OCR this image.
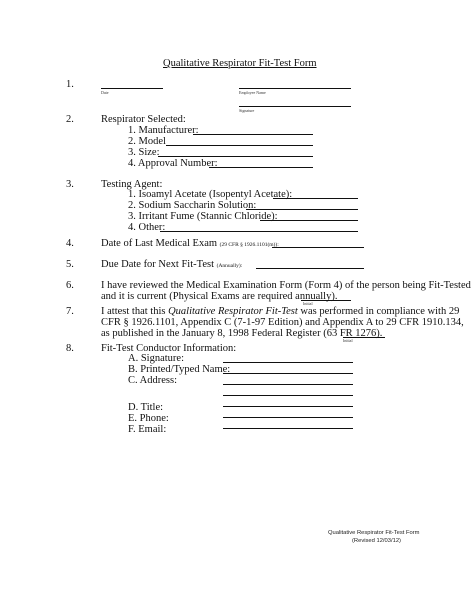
Qualitative Respirator Fit-Test Form
1.
Date	Employee Name
Signature
2.	Respirator Selected:
1. Manufacturer:
2. Model
3. Size:
4. Approval Number:
3.	Testing Agent:
1. Isoamyl Acetate (Isopentyl Acetate):
2. Sodium Saccharin Solution:
3. Irritant Fume (Stannic Chloride):
4. Other:
4.	Date of Last Medical Exam (29 CFR § 1926.1101(m)):
5.	Due Date for Next Fit-Test (Annually):
6.	I have reviewed the Medical Examination Form (Form 4) of the person being Fit-Tested
and it is current (Physical Exams are required annually).
Initial
7.	I attest that this Qualitative Respirator Fit-Test was performed in compliance with 29
CFR § 1926.1101, Appendix C (7-1-97 Edition) and Appendix A to 29 CFR 1910.134,
as published in the January 8, 1998 Federal Register (63 FR 1276).
Initial
8.	Fit-Test Conductor Information:
A. Signature:
B. Printed/Typed Name:
C. Address:
D. Title:
E. Phone:
F. Email:
Qualitative Respirator Fit-Test Form
(Revised 12/03/12)
